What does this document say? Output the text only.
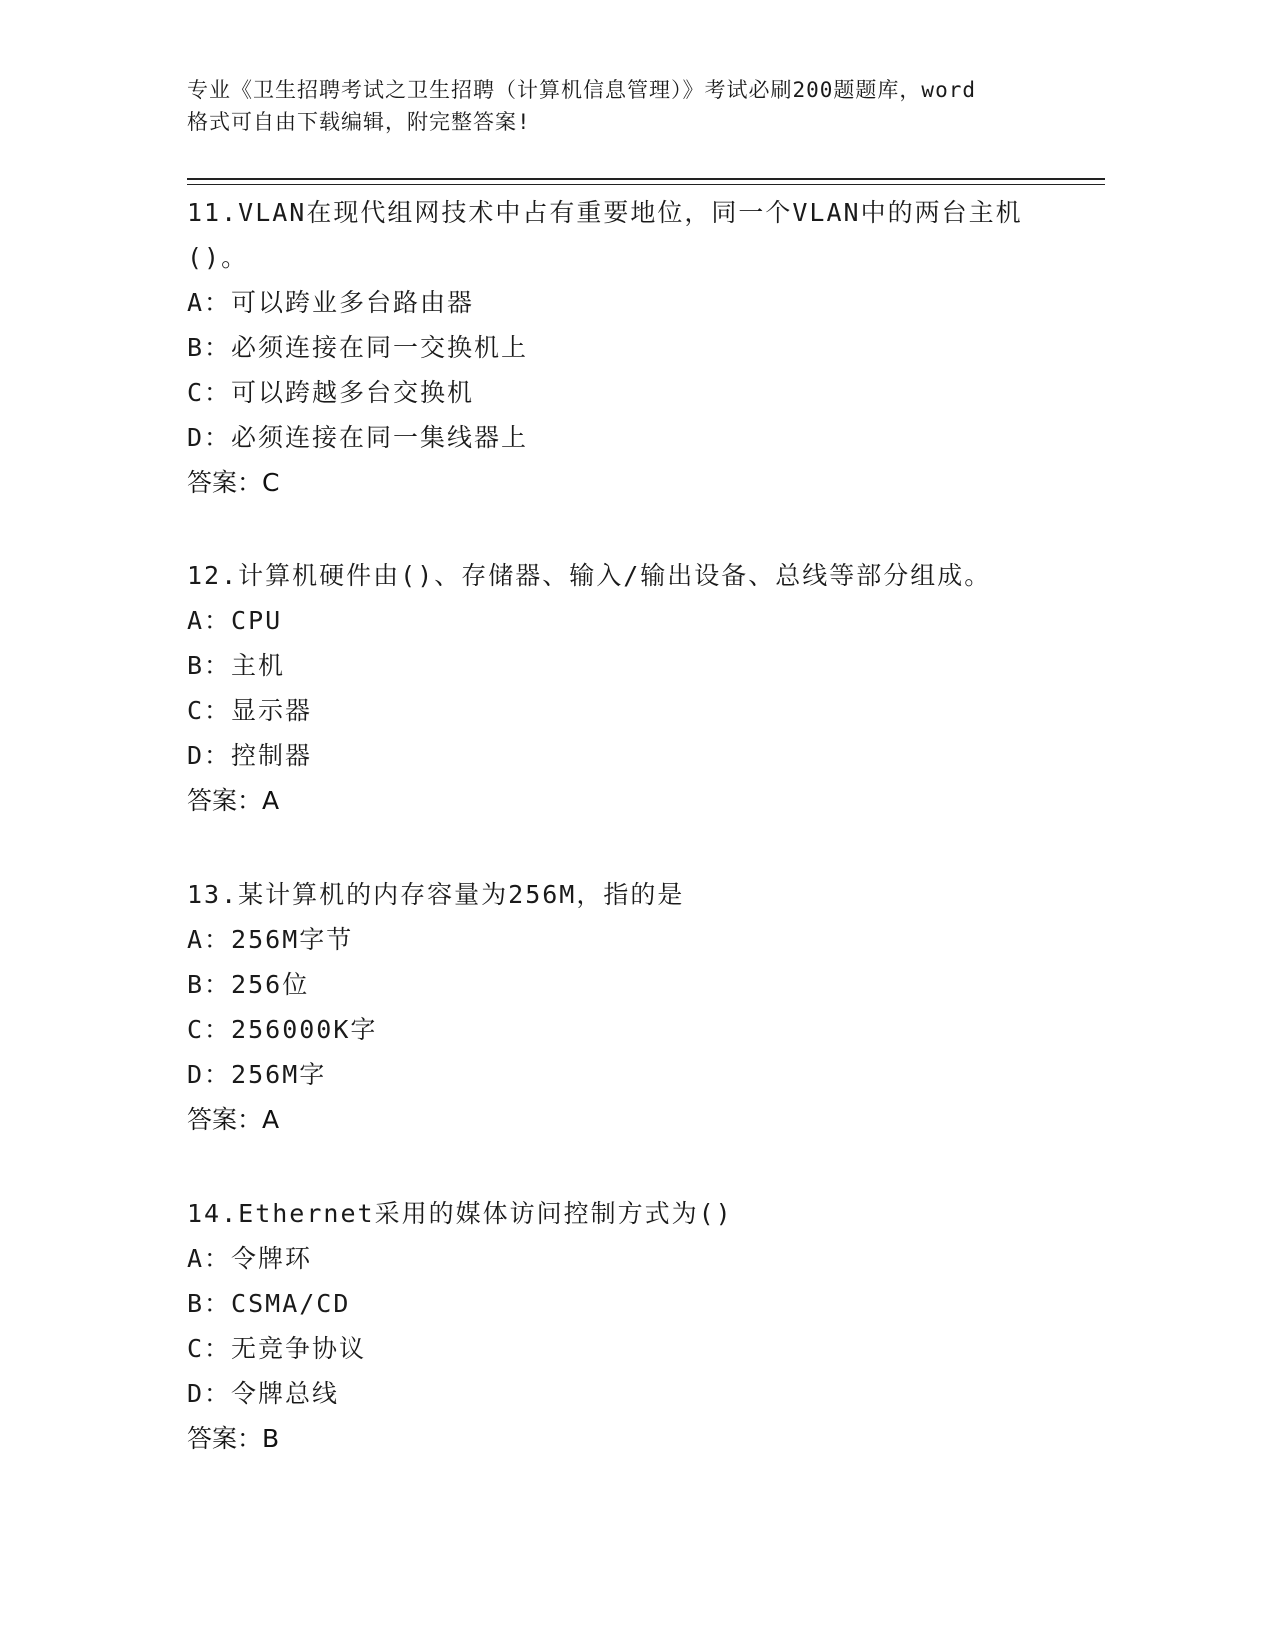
专业《卫生招聘考试之卫生招聘（计算机信息管理）》考试必刷200题题库，word
格式可自由下载编辑，附完整答案!
11.VLAN在现代组网技术中占有重要地位，同一个VLAN中的两台主机
()。
A：可以跨业多台路由器
B：必须连接在同一交换机上
C：可以跨越多台交换机
D：必须连接在同一集线器上
答案：C
12.计算机硬件由()、存储器、输入/输出设备、总线等部分组成。
A：CPU
B：主机
C：显示器
D：控制器
答案：A
13.某计算机的内存容量为256M，指的是
A：256M字节
B：256位
C：256000K字
D：256M字
答案：A
14.Ethernet采用的媒体访问控制方式为()
A：令牌环
B：CSMA/CD
C：无竞争协议
D：令牌总线
答案：B
